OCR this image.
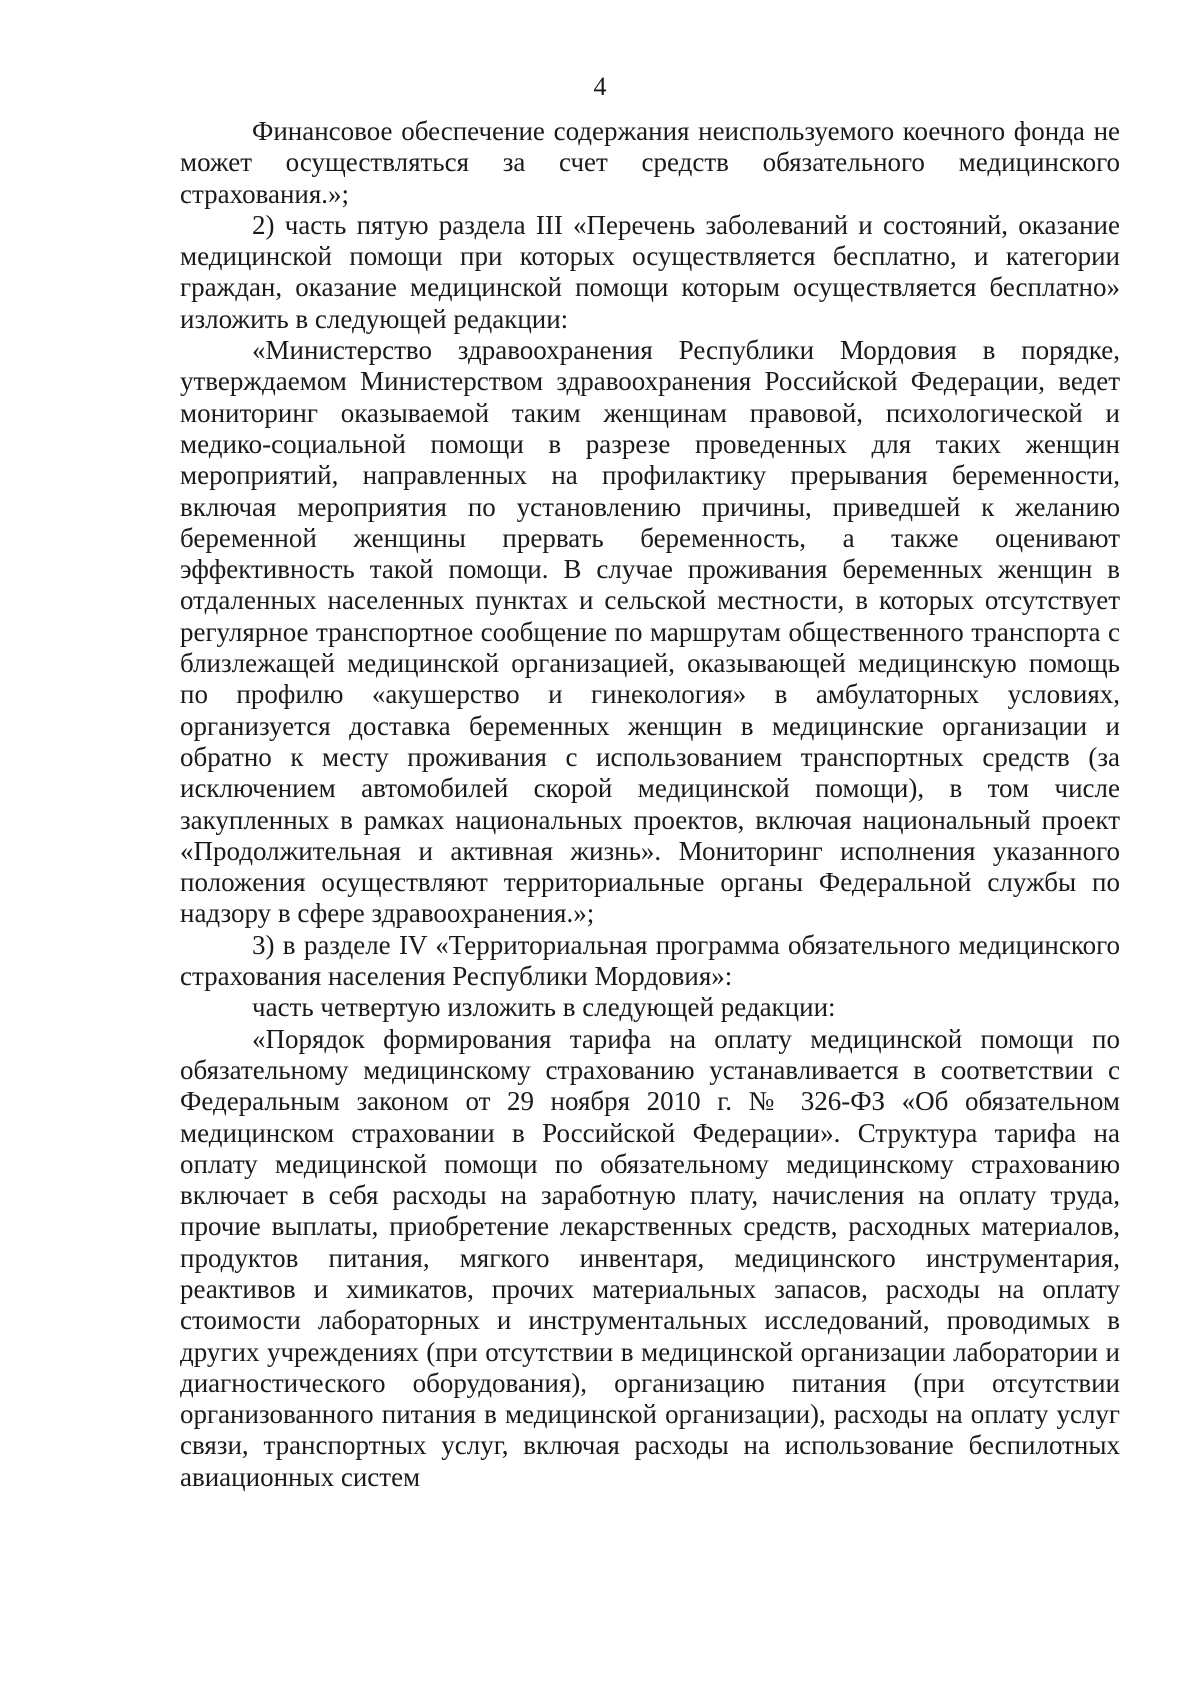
4

Финансовое обеспечение содержания неиспользуемого коечного фонда не может осуществляться за счет средств обязательного медицинского страхования.»;

2) часть пятую раздела III «Перечень заболеваний и состояний, оказание медицинской помощи при которых осуществляется бесплатно, и категории граждан, оказание медицинской помощи которым осуществляется бесплатно» изложить в следующей редакции:

«Министерство здравоохранения Республики Мордовия в порядке, утверждаемом Министерством здравоохранения Российской Федерации, ведет мониторинг оказываемой таким женщинам правовой, психологической и медико-социальной помощи в разрезе проведенных для таких женщин мероприятий, направленных на профилактику прерывания беременности, включая мероприятия по установлению причины, приведшей к желанию беременной женщины прервать беременность, а также оценивают эффективность такой помощи. В случае проживания беременных женщин в отдаленных населенных пунктах и сельской местности, в которых отсутствует регулярное транспортное сообщение по маршрутам общественного транспорта с близлежащей медицинской организацией, оказывающей медицинскую помощь по профилю «акушерство и гинекология» в амбулаторных условиях, организуется доставка беременных женщин в медицинские организации и обратно к месту проживания с использованием транспортных средств (за исключением автомобилей скорой медицинской помощи), в том числе закупленных в рамках национальных проектов, включая национальный проект «Продолжительная и активная жизнь». Мониторинг исполнения указанного положения осуществляют территориальные органы Федеральной службы по надзору в сфере здравоохранения.»;

3) в разделе IV «Территориальная программа обязательного медицинского страхования населения Республики Мордовия»:

часть четвертую изложить в следующей редакции:

«Порядок формирования тарифа на оплату медицинской помощи по обязательному медицинскому страхованию устанавливается в соответствии с Федеральным законом от 29 ноября 2010 г. № 326-ФЗ «Об обязательном медицинском страховании в Российской Федерации». Структура тарифа на оплату медицинской помощи по обязательному медицинскому страхованию включает в себя расходы на заработную плату, начисления на оплату труда, прочие выплаты, приобретение лекарственных средств, расходных материалов, продуктов питания, мягкого инвентаря, медицинского инструментария, реактивов и химикатов, прочих материальных запасов, расходы на оплату стоимости лабораторных и инструментальных исследований, проводимых в других учреждениях (при отсутствии в медицинской организации лаборатории и диагностического оборудования), организацию питания (при отсутствии организованного питания в медицинской организации), расходы на оплату услуг связи, транспортных услуг, включая расходы на использование беспилотных авиационных систем
